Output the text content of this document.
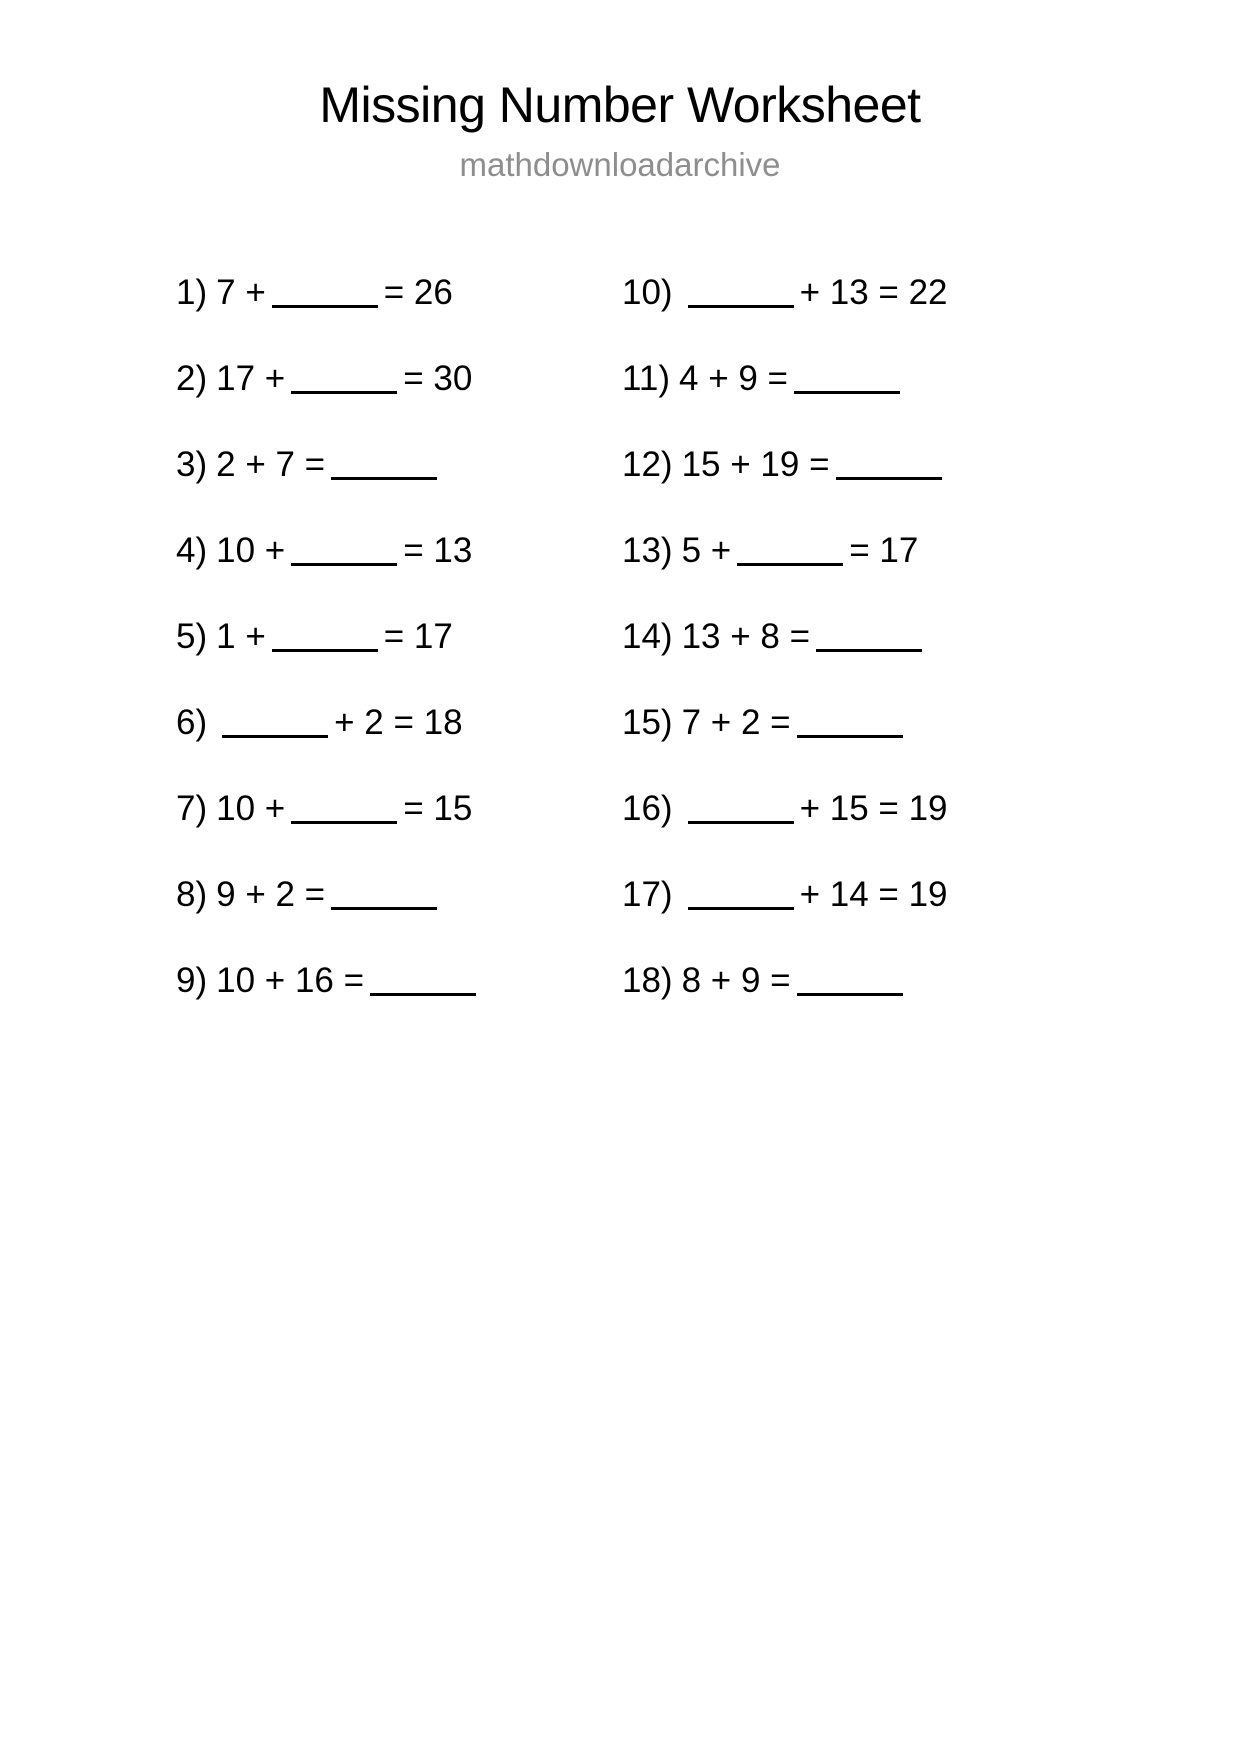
Missing Number Worksheet
mathdownloadarchive
1) 7 +	= 26
2) 17 +	= 30
3) 2 + 7 =
4) 10 +	= 13
5) 1 +	= 17
6)	+ 2 = 18
7) 10 +	= 15
8) 9 + 2 =
9) 10 + 16 =
10)	+ 13 = 22
11) 4 + 9 =
12) 15 + 19 =
13) 5 +	= 17
14) 13 + 8 =
15) 7 + 2 =
16)	+ 15 = 19
17)	+ 14 = 19
18) 8 + 9 =
